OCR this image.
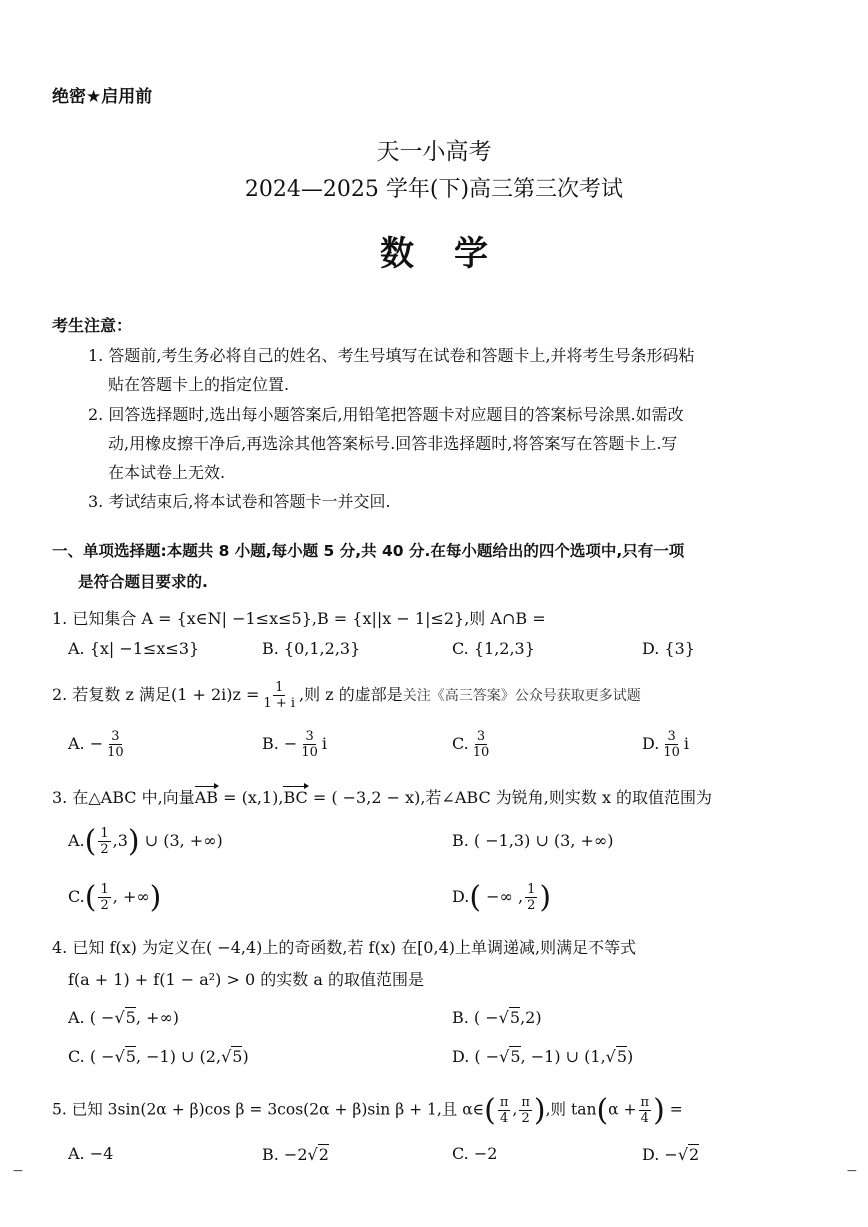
绝密★启用前
天一小高考
2024—2025 学年(下)高三第三次考试
数学
考生注意：
1. 答题前,考生务必将自己的姓名、考生号填写在试卷和答题卡上,并将考生号条形码粘
贴在答题卡上的指定位置.
2. 回答选择题时,选出每小题答案后,用铅笔把答题卡对应题目的答案标号涂黑.如需改
动,用橡皮擦干净后,再选涂其他答案标号.回答非选择题时,将答案写在答题卡上.写
在本试卷上无效.
3. 考试结束后,将本试卷和答题卡一并交回.
一、单项选择题:本题共 8 小题,每小题 5 分,共 40 分.在每小题给出的四个选项中,只有一项
是符合题目要求的.
1. 已知集合 A = {x∈N| −1≤x≤5},B = {x||x − 1|≤2},则 A∩B =
A. {x| −1≤x≤3}	B. {0,1,2,3}	C. {1,2,3}	D. {3}
2. 若复数 z 满足$(1 + 2i)z = \frac{1}{1 + i}$ ,则 z 的虚部是关注《高三答案》公众号获取更多试题
A. − $\frac{3}{10}$	B. − $\frac{3}{10}$ i	C. $\frac{3}{10}$	D. $\frac{3}{10}$ i
3. 在△ABC 中,向量AB = (x,1),BC = ( −3,2 − x),若∠ABC 为锐角,则实数 x 的取值范围为
$A.( \frac{1}{2} ,3)$ ∪ (3, +∞)	B. ( −1,3) ∪ (3, +∞)
$C.( \frac{1}{2}$ , +∞)	D.( −∞ , $\frac{1}{2}$ )
4. 已知 f(x) 为定义在( −4,4)上的奇函数,若 f(x) 在[0,4)上单调递减,则满足不等式
f(a + 1) + f(1 − a²) > 0 的实数 a 的取值范围是
A. ( −√5, +∞)	B. ( −√5,2)
C. ( −√5, −1) ∪ (2,√5)	D. ( −√5, −1) ∪ (1,√5)
5. 已知 3sin(2α + β)cos β = 3cos(2α + β)sin β + 1,且 α∈( $\frac{\pi}{4}$ , $\frac{\pi}{2}$ ),则 $\tan(\alpha + \frac{\pi}{4}$ ) =
A. −4	B. −2√2	C. −2	D. −√2
−	−
